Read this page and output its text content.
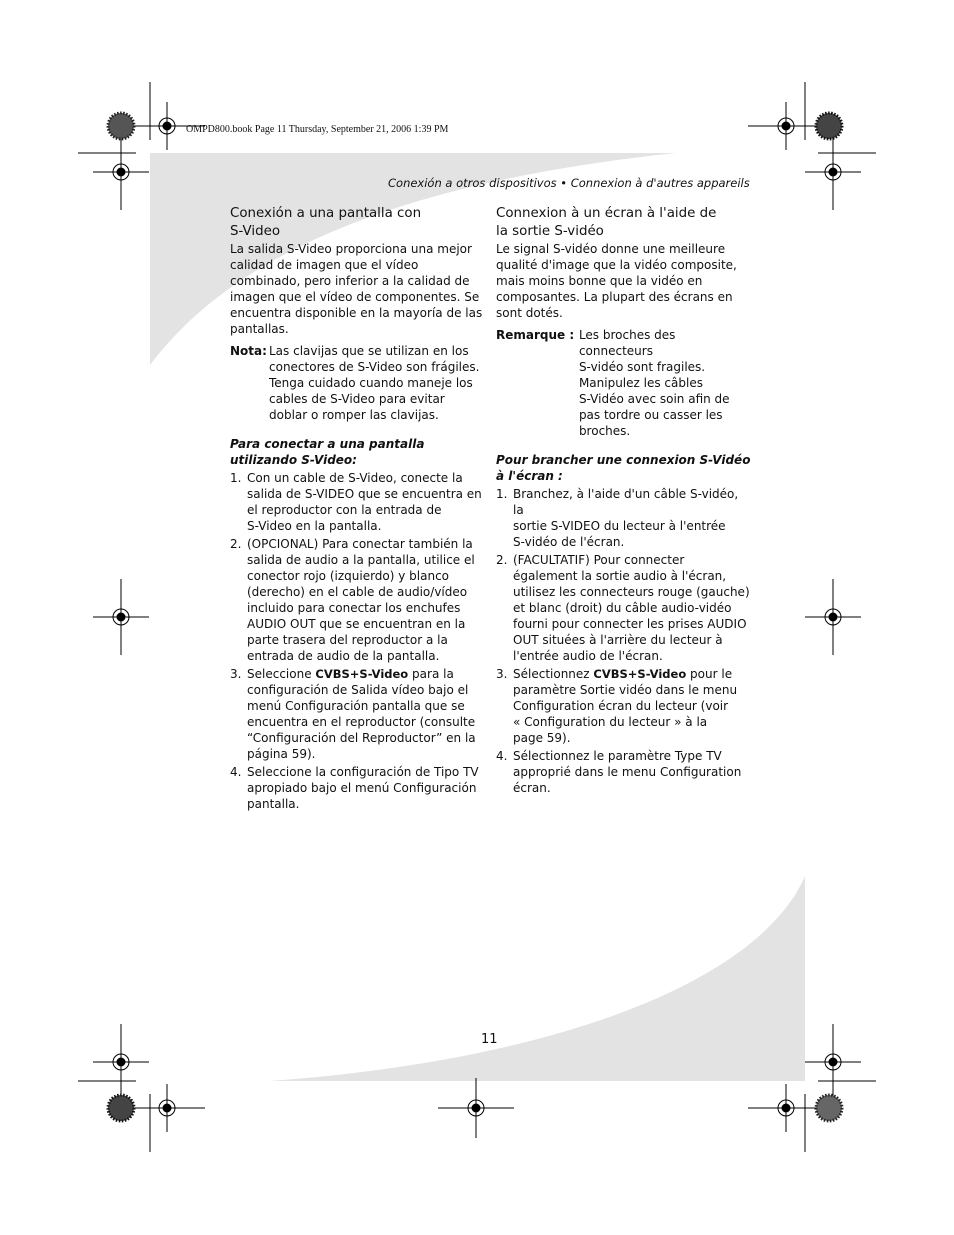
OMPD800.book Page 11 Thursday, September 21, 2006 1:39 PM
Conexión a otros dispositivos • Connexion à d'autres appareils
Conexión a una pantalla con
S-Video

La salida S-Video proporciona una mejor
calidad de imagen que el vídeo
combinado, pero inferior a la calidad de
imagen que el vídeo de componentes. Se
encuentra disponible en la mayoría de las
pantallas.

Nota: Las clavijas que se utilizan en los
conectores de S-Video son frágiles.
Tenga cuidado cuando maneje los
cables de S-Video para evitar
doblar o romper las clavijas.
Para conectar a una pantalla
utilizando S-Video:
1. Con un cable de S-Video, conecte la
salida de S-VIDEO que se encuentra en
el reproductor con la entrada de
S-Video en la pantalla.
2. (OPCIONAL) Para conectar también la
salida de audio a la pantalla, utilice el
conector rojo (izquierdo) y blanco
(derecho) en el cable de audio/vídeo
incluido para conectar los enchufes
AUDIO OUT que se encuentran en la
parte trasera del reproductor a la
entrada de audio de la pantalla.
3. Seleccione CVBS+S-Video para la
configuración de Salida vídeo bajo el
menú Configuración pantalla que se
encuentra en el reproductor (consulte
“Configuración del Reproductor” en la
página 59).
4. Seleccione la configuración de Tipo TV
apropiado bajo el menú Configuración
pantalla.
Connexion à un écran à l'aide de
la sortie S-vidéo

Le signal S-vidéo donne une meilleure
qualité d'image que la vidéo composite,
mais moins bonne que la vidéo en
composantes. La plupart des écrans en
sont dotés.

Remarque : Les broches des connecteurs
S-vidéo sont fragiles.
Manipulez les câbles
S-Vidéo avec soin afin de
pas tordre ou casser les
broches.
Pour brancher une connexion S-Vidéo
à l'écran :
1. Branchez, à l'aide d'un câble S-vidéo, la
sortie S-VIDEO du lecteur à l'entrée
S-vidéo de l'écran.
2. (FACULTATIF) Pour connecter
également la sortie audio à l'écran,
utilisez les connecteurs rouge (gauche)
et blanc (droit) du câble audio-vidéo
fourni pour connecter les prises AUDIO
OUT situées à l'arrière du lecteur à
l'entrée audio de l'écran.
3. Sélectionnez CVBS+S-Video pour le
paramètre Sortie vidéo dans le menu
Configuration écran du lecteur (voir
« Configuration du lecteur » à la
page 59).
4. Sélectionnez le paramètre Type TV
approprié dans le menu Configuration
écran.
11
